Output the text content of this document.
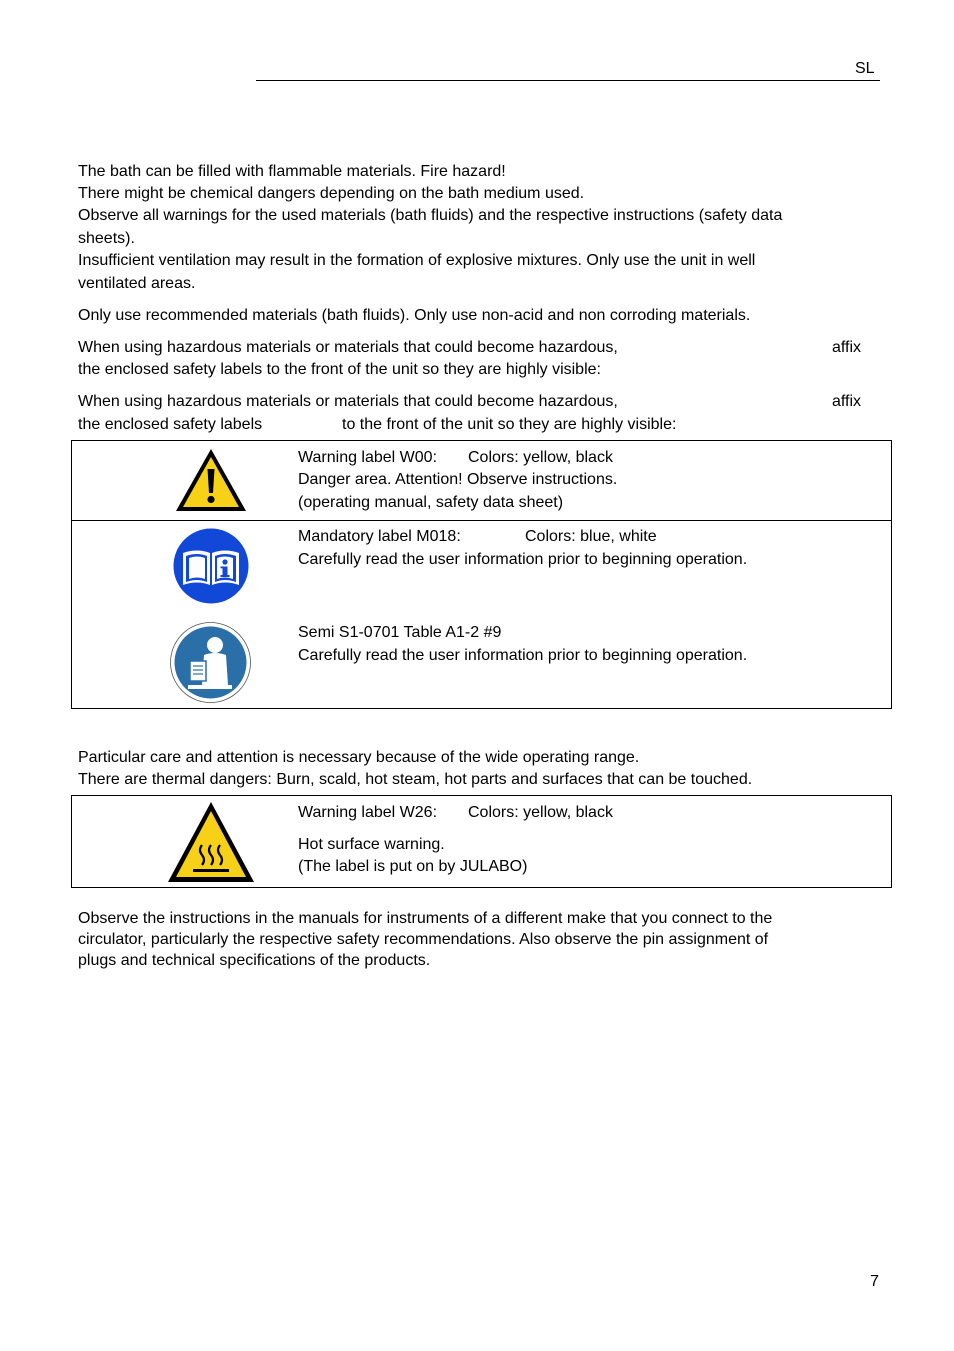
SL
The bath can be filled with flammable materials. Fire hazard!
There might be chemical dangers depending on the bath medium used.
Observe all warnings for the used materials (bath fluids) and the respective instructions (safety data
sheets).
Insufficient ventilation may result in the formation of explosive mixtures. Only use the unit in well
ventilated areas.
Only use recommended materials (bath fluids). Only use non-acid and non corroding materials.
When using hazardous materials or materials that could become hazardous,	affix
the enclosed safety labels to the front of the unit so they are highly visible:
When using hazardous materials or materials that could become hazardous,	affix
the enclosed safety labels	to the front of the unit so they are highly visible:
Warning label W00: Colors: yellow, black
Danger area. Attention! Observe instructions.
(operating manual, safety data sheet)
Mandatory label M018:	Colors: blue, white
Carefully read the user information prior to beginning operation.
Semi S1-0701 Table A1-2 #9
Carefully read the user information prior to beginning operation.
Particular care and attention is necessary because of the wide operating range.
There are thermal dangers: Burn, scald, hot steam, hot parts and surfaces that can be touched.
Warning label W26: Colors: yellow, black
Hot surface warning.
(The label is put on by JULABO)
Observe the instructions in the manuals for instruments of a different make that you connect to the
circulator, particularly the respective safety recommendations. Also observe the pin assignment of
plugs and technical specifications of the products.
7
